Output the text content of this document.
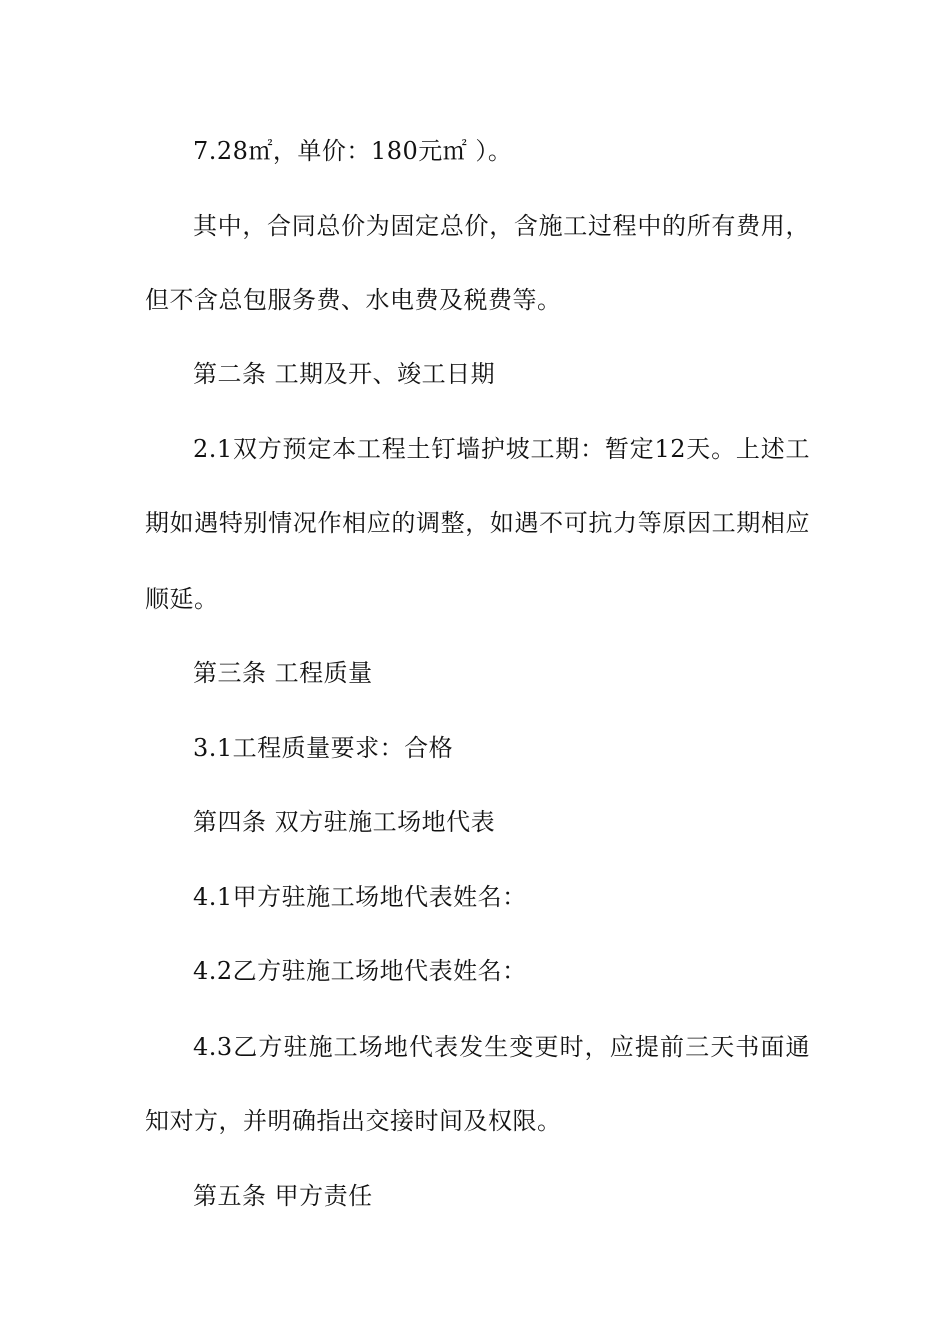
7.28㎡，单价：180元㎡ ）。
其中，合同总价为固定总价，含施工过程中的所有费用，
但不含总包服务费、水电费及税费等。
第二条 工期及开、竣工日期
2.1双方预定本工程土钉墙护坡工期：暂定12天。上述工
期如遇特别情况作相应的调整，如遇不可抗力等原因工期相应
顺延。
第三条 工程质量
3.1工程质量要求：合格
第四条 双方驻施工场地代表
4.1甲方驻施工场地代表姓名：
4.2乙方驻施工场地代表姓名：
4.3乙方驻施工场地代表发生变更时，应提前三天书面通
知对方，并明确指出交接时间及权限。
第五条 甲方责任
